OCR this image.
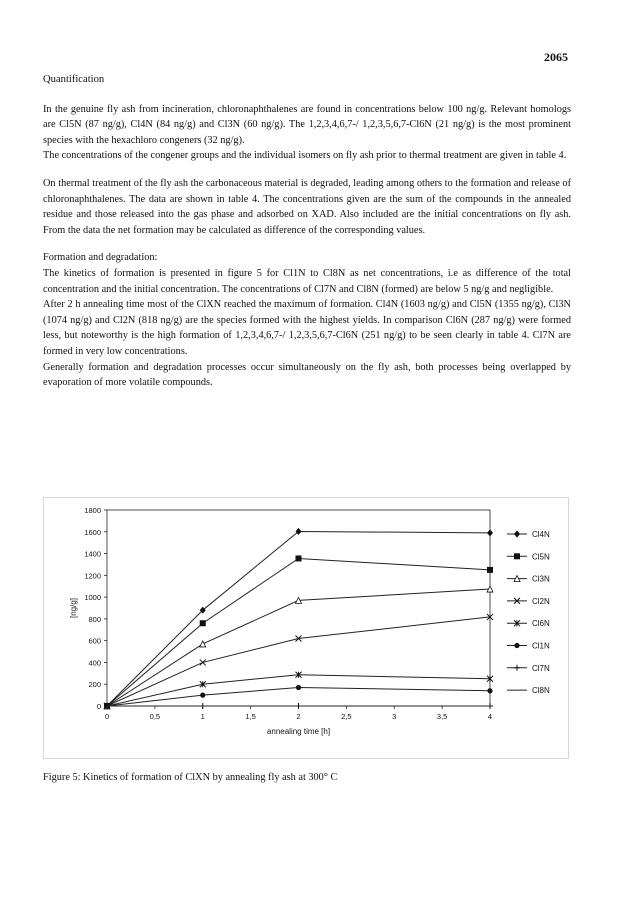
2065
Quantification

In the genuine fly ash from incineration, chloronaphthalenes are found in concentrations below 100 ng/g. Relevant homologs are Cl5N (87 ng/g), Cl4N (84 ng/g) and Cl3N (60 ng/g). The 1,2,3,4,6,7-/ 1,2,3,5,6,7-Cl6N (21 ng/g) is the most prominent species with the hexachloro congeners (32 ng/g).

The concentrations of the congener groups and the individual isomers on fly ash prior to thermal treatment are given in table 4.

On thermal treatment of the fly ash the carbonaceous material is degraded, leading among others to the formation and release of chloronaphthalenes. The data are shown in table 4. The concentrations given are the sum of the compounds in the annealed residue and those released into the gas phase and adsorbed on XAD. Also included are the initial concentrations on fly ash. From the data the net formation may be calculated as difference of the corresponding values.

Formation and degradation:

The kinetics of formation is presented in figure 5 for Cl1N to Cl8N as net concentrations, i.e as difference of the total concentration and the initial concentration. The concentrations of Cl7N and Cl8N (formed) are below 5 ng/g and negligible.

After 2 h annealing time most of the ClXN reached the maximum of formation. Cl4N (1603 ng/g) and Cl5N (1355 ng/g), Cl3N (1074 ng/g) and Cl2N (818 ng/g) are the species formed with the highest yields. In comparison Cl6N (287 ng/g) were formed less, but noteworthy is the high formation of 1,2,3,4,6,7-/ 1,2,3,5,6,7-Cl6N (251 ng/g) to be seen clearly in table 4. Cl7N are formed in very low concentrations.

Generally formation and degradation processes occur simultaneously on the fly ash, both processes being overlapped by evaporation of more volatile compounds.

0
200
400
600
800
1000
1200
1400
1600
1800
0	0,5	1	1,5	2	2,5	3	3,5	4
annealing time [h]
[ng/g]
Cl4N
Cl5N
Cl3N
Cl2N
Cl6N
Cl1N
Cl7N
Cl8N
Figure 5: Kinetics of formation of ClXN by annealing fly ash at 300° C
